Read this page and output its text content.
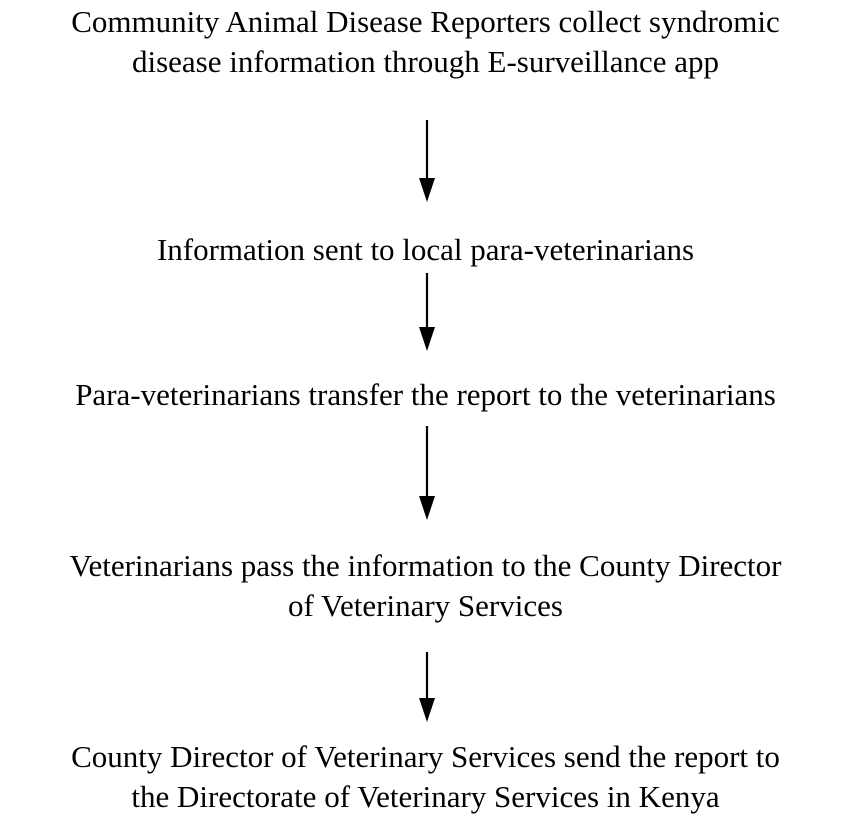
Community Animal Disease Reporters collect syndromic
disease information through E-surveillance app
Information sent to local para-veterinarians
Para-veterinarians transfer the report to the veterinarians
Veterinarians pass the information to the County Director
of Veterinary Services
County Director of Veterinary Services send the report to
the Directorate of Veterinary Services in Kenya
